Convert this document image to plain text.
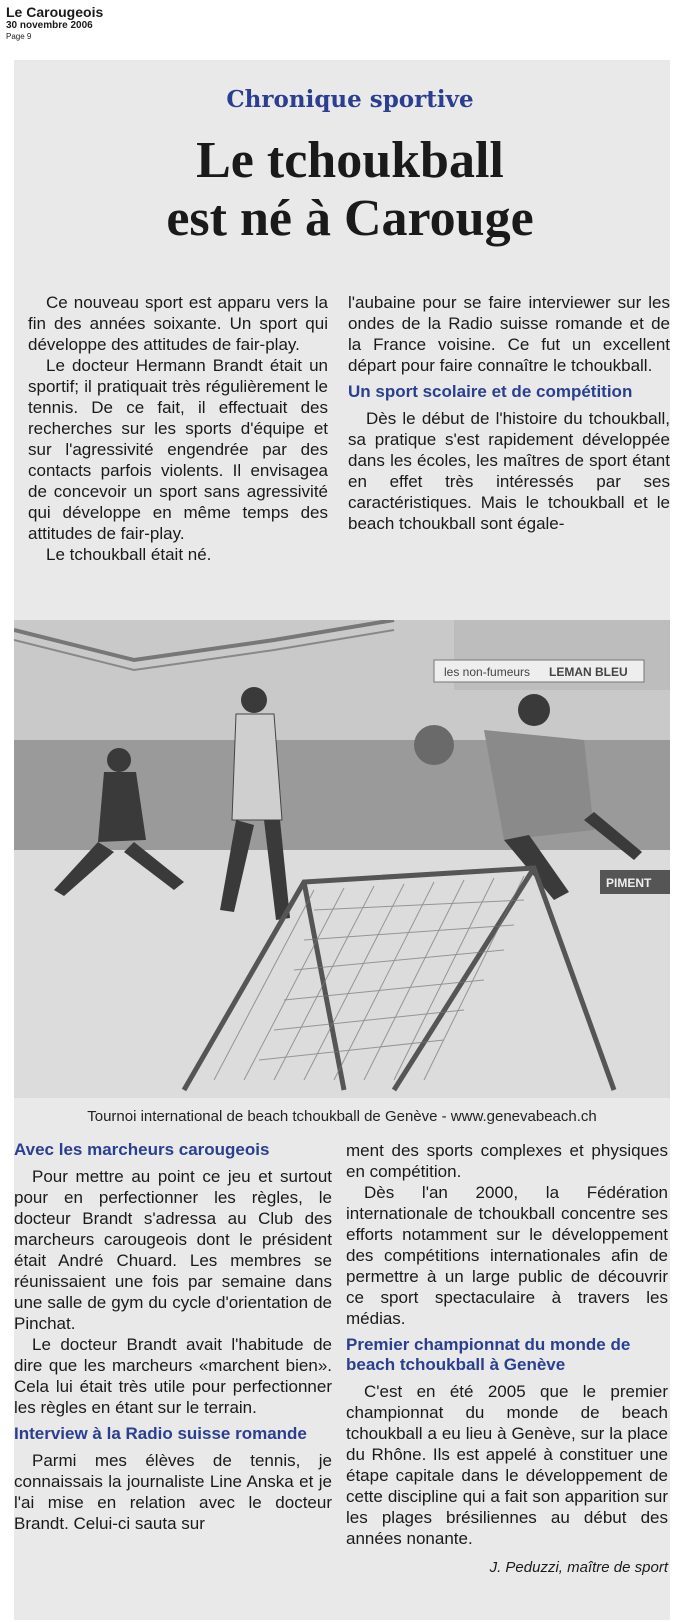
Le Carougeois
30 novembre 2006
Page 9
Chronique sportive
Le tchoukball
est né à Carouge

Ce nouveau sport est apparu vers la fin des années soixante. Un sport qui développe des attitudes de fair-play.

Le docteur Hermann Brandt était un sportif; il pratiquait très régulièrement le tennis. De ce fait, il effectuait des recherches sur les sports d'équipe et sur l'agressivité engendrée par des contacts parfois violents. Il envisagea de concevoir un sport sans agressivité qui développe en même temps des attitudes de fair-play.

Le tchoukball était né.

l'aubaine pour se faire interviewer sur les ondes de la Radio suisse romande et de la France voisine. Ce fut un excellent départ pour faire connaître le tchoukball.

Un sport scolaire et de compétition

Dès le début de l'histoire du tchoukball, sa pratique s'est rapidement développée dans les écoles, les maîtres de sport étant en effet très intéressés par ses caractéristiques. Mais le tchoukball et le beach tchoukball sont égale-

les non-fumeurs LEMAN BLEU
PIMENT
Tournoi international de beach tchoukball de Genève - www.genevabeach.ch
Avec les marcheurs carougeois

Pour mettre au point ce jeu et surtout pour en perfectionner les règles, le docteur Brandt s'adressa au Club des marcheurs carougeois dont le président était André Chuard. Les membres se réunissaient une fois par semaine dans une salle de gym du cycle d'orientation de Pinchat.

Le docteur Brandt avait l'habitude de dire que les marcheurs «marchent bien». Cela lui était très utile pour perfectionner les règles en étant sur le terrain.

Interview à la Radio suisse romande

Parmi mes élèves de tennis, je connaissais la journaliste Line Anska et je l'ai mise en relation avec le docteur Brandt. Celui-ci sauta sur

ment des sports complexes et physiques en compétition.

Dès l'an 2000, la Fédération internationale de tchoukball concentre ses efforts notamment sur le développement des compétitions internationales afin de permettre à un large public de découvrir ce sport spectaculaire à travers les médias.

Premier championnat du monde de beach tchoukball à Genève

C'est en été 2005 que le premier championnat du monde de beach tchoukball a eu lieu à Genève, sur la place du Rhône. Ils est appelé à constituer une étape capitale dans le développement de cette discipline qui a fait son apparition sur les plages brésiliennes au début des années nonante.

J. Peduzzi, maître de sport
